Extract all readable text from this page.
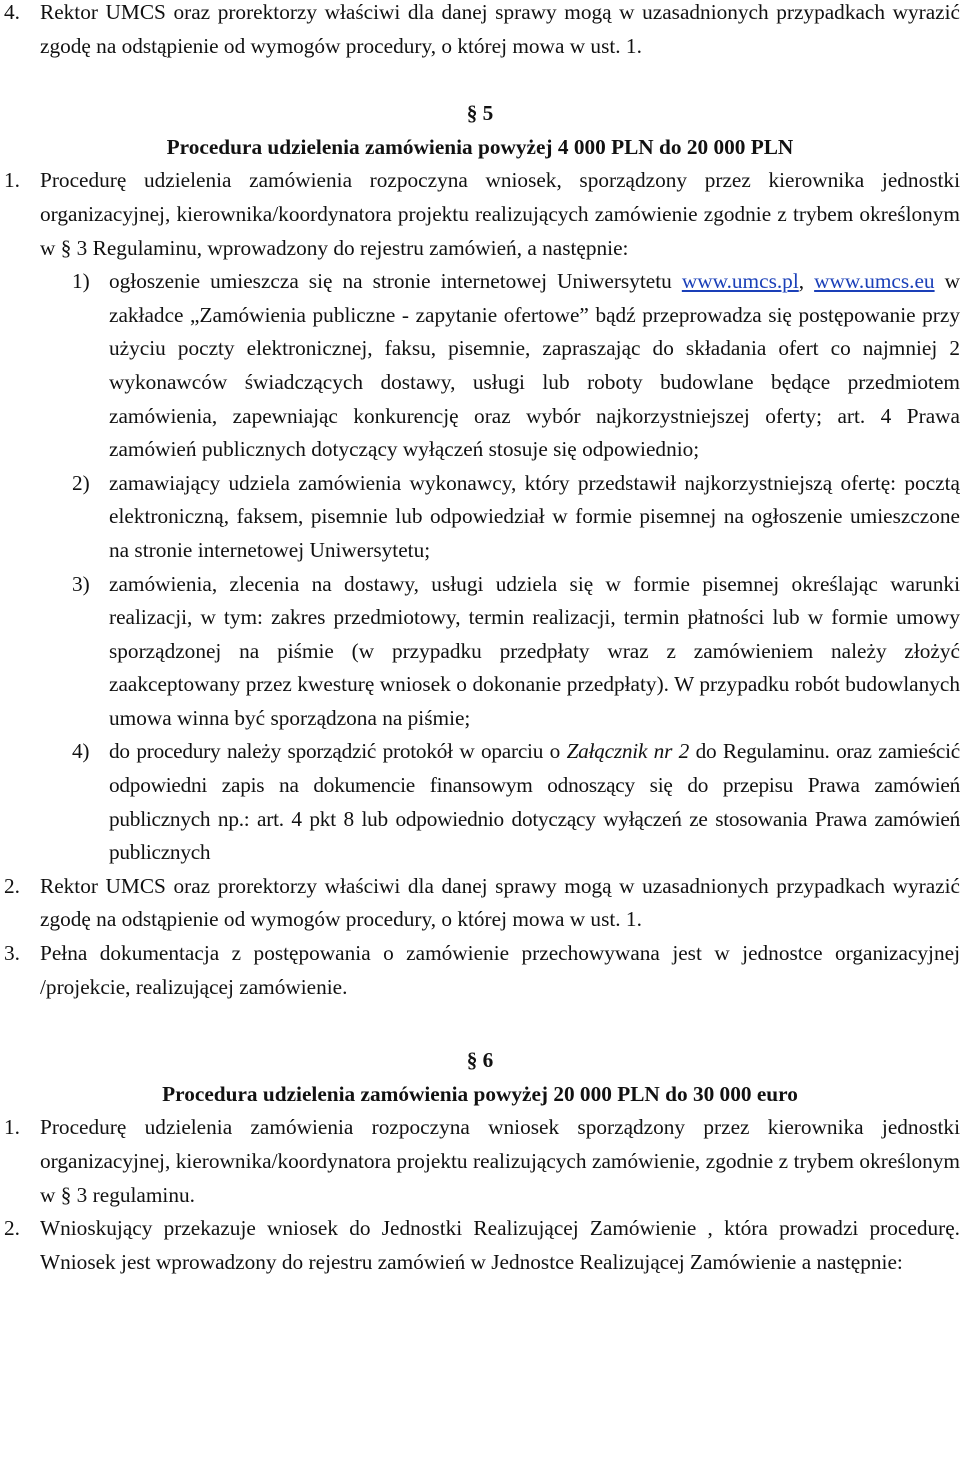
4. Rektor UMCS oraz prorektorzy właściwi dla danej sprawy mogą w uzasadnionych przypadkach wyrazić zgodę na odstąpienie od wymogów procedury, o której mowa w ust. 1.
§ 5
Procedura udzielenia zamówienia powyżej 4 000 PLN do 20 000 PLN
1. Procedurę udzielenia zamówienia rozpoczyna wniosek, sporządzony przez kierownika jednostki organizacyjnej, kierownika/koordynatora projektu realizujących zamówienie zgodnie z trybem określonym w § 3 Regulaminu, wprowadzony do rejestru zamówień, a następnie:
1) ogłoszenie umieszcza się na stronie internetowej Uniwersytetu www.umcs.pl, www.umcs.eu w zakładce „Zamówienia publiczne - zapytanie ofertowe” bądź przeprowadza się postępowanie przy użyciu poczty elektronicznej, faksu, pisemnie, zapraszając do składania ofert co najmniej 2 wykonawców świadczących dostawy, usługi lub roboty budowlane będące przedmiotem zamówienia, zapewniając konkurencję oraz wybór najkorzystniejszej oferty; art. 4 Prawa zamówień publicznych dotyczący wyłączeń stosuje się odpowiednio;
2) zamawiający udziela zamówienia wykonawcy, który przedstawił najkorzystniejszą ofertę: pocztą elektroniczną, faksem, pisemnie lub odpowiedział w formie pisemnej na ogłoszenie umieszczone na stronie internetowej Uniwersytetu;
3) zamówienia, zlecenia na dostawy, usługi udziela się w formie pisemnej określając warunki realizacji, w tym: zakres przedmiotowy, termin realizacji, termin płatności lub w formie umowy sporządzonej na piśmie (w przypadku przedpłaty wraz z zamówieniem należy złożyć zaakceptowany przez kwesturę wniosek o dokonanie przedpłaty). W przypadku robót budowlanych umowa winna być sporządzona na piśmie;
4) do procedury należy sporządzić protokół w oparciu o Załącznik nr 2 do Regulaminu. oraz zamieścić odpowiedni zapis na dokumencie finansowym odnoszący się do przepisu Prawa zamówień publicznych np.: art. 4 pkt 8 lub odpowiednio dotyczący wyłączeń ze stosowania Prawa zamówień publicznych
2. Rektor UMCS oraz prorektorzy właściwi dla danej sprawy mogą w uzasadnionych przypadkach wyrazić zgodę na odstąpienie od wymogów procedury, o której mowa w ust. 1.
3. Pełna dokumentacja z postępowania o zamówienie przechowywana jest w jednostce organizacyjnej /projekcie, realizującej zamówienie.
§ 6
Procedura udzielenia zamówienia powyżej 20 000 PLN do 30 000 euro
1. Procedurę udzielenia zamówienia rozpoczyna wniosek sporządzony przez kierownika jednostki organizacyjnej, kierownika/koordynatora projektu realizujących zamówienie, zgodnie z trybem określonym w § 3 regulaminu.
2. Wnioskujący przekazuje wniosek do Jednostki Realizującej Zamówienie , która prowadzi procedurę. Wniosek jest wprowadzony do rejestru zamówień w Jednostce Realizującej Zamówienie a następnie:
